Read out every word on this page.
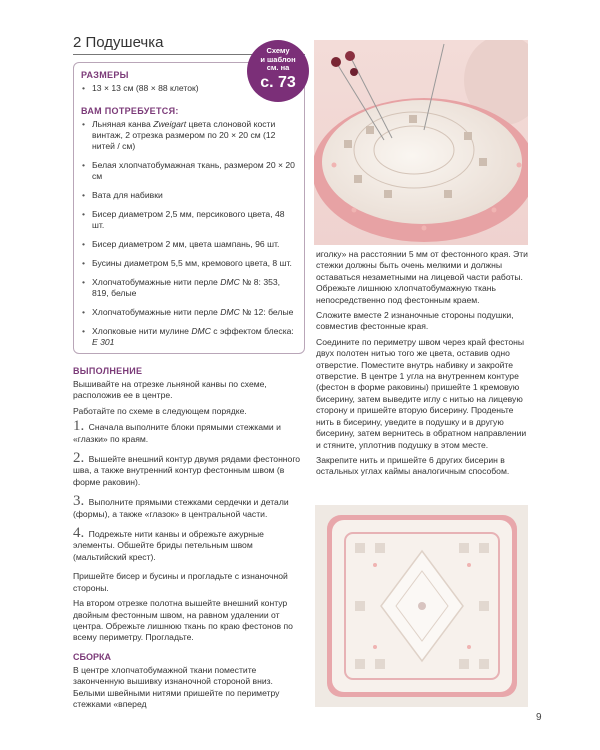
2 Подушечка
РАЗМЕРЫ
• 13 × 13 см (88 × 88 клеток)
ВАМ ПОТРЕБУЕТСЯ:
• Льняная канва Zweigart цвета слоновой кости винтаж, 2 отрезка размером по 20 × 20 см (12 нитей / см)
• Белая хлопчатобумажная ткань, размером 20 × 20 см
• Вата для набивки
• Бисер диаметром 2,5 мм, персикового цвета, 48 шт.
• Бисер диаметром 2 мм, цвета шампань, 96 шт.
• Бусины диаметром 5,5 мм, кремового цвета, 8 шт.
• Хлопчатобумажные нити перле DMC № 8: 353, 819, белые
• Хлопчатобумажные нити перле DMC № 12: белые
• Хлопковые нити мулине DMC с эффектом блеска: E 301
Схему
и шаблон
см. на
с. 73
ВЫПОЛНЕНИЕ

Вышивайте на отрезке льняной канвы по схеме, расположив ее в центре.

Работайте по схеме в следующем порядке.

1. Сначала выполните блоки прямыми стежками и «глазки» по краям.

2. Вышейте внешний контур двумя рядами фестонного шва, а также внутренний контур фестонным швом (в форме раковин).

3. Выполните прямыми стежками сердечки и детали (формы), а также «глазок» в центральной части.

4. Подрежьте нити канвы и обрежьте ажурные элементы. Обшейте бриды петельным швом (мальтийский крест).

Пришейте бисер и бусины и прогладьте с изнаночной стороны.

На втором отрезке полотна вышейте внешний контур двойным фестонным швом, на равном удалении от центра. Обрежьте лишнюю ткань по краю фестонов по всему периметру. Прогладьте.

СБОРКА

В центре хлопчатобумажной ткани поместите законченную вышивку изнаночной стороной вниз. Белыми швейными нитями пришейте по периметру стежками «вперед

иголку» на расстоянии 5 мм от фестонного края. Эти стежки должны быть очень мелкими и должны оставаться незаметными на лицевой части работы. Обрежьте лишнюю хлопчатобумажную ткань непосредственно под фестонным краем.

Сложите вместе 2 изнаночные стороны подушки, совместив фестонные края.

Соедините по периметру швом через край фестоны двух полотен нитью того же цвета, оставив одно отверстие. Поместите внутрь набивку и закройте отверстие. В центре 1 угла на внутреннем контуре (фестон в форме раковины) пришейте 1 кремовую бисерину, затем выведите иглу с нитью на лицевую сторону и пришейте вторую бисерину. Проденьте нить в бисерину, уведите в подушку и в другую бисерину, затем вернитесь в обратном направлении и стяните, уплотнив подушку в этом месте.

Закрепите нить и пришейте 6 других бисерин в остальных углах каймы аналогичным способом.

9
